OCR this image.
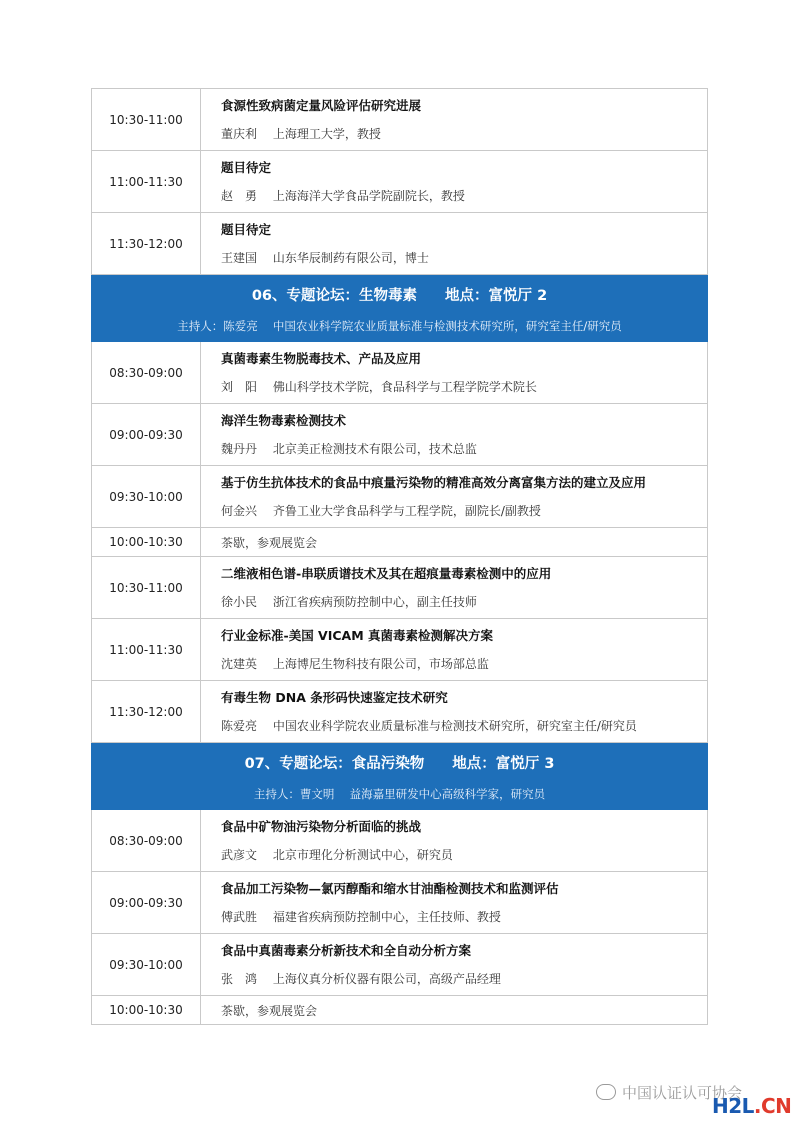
10:30-11:00	食源性致病菌定量风险评估研究进展
董庆利　 上海理工大学，教授

11:00-11:30	题目待定
赵　勇　 上海海洋大学食品学院副院长，教授

11:30-12:00	题目待定
王建国　 山东华辰制药有限公司，博士

06、专题论坛：生物毒素 地点：富悦厅 2
主持人：陈爱亮　 中国农业科学院农业质量标准与检测技术研究所，研究室主任/研究员	

08:30-09:00	真菌毒素生物脱毒技术、产品及应用
刘　阳　 佛山科学技术学院，食品科学与工程学院学术院长

09:00-09:30	海洋生物毒素检测技术
魏丹丹　 北京美正检测技术有限公司，技术总监

09:30-10:00	基于仿生抗体技术的食品中痕量污染物的精准高效分离富集方法的建立及应用
何金兴　 齐鲁工业大学食品科学与工程学院，副院长/副教授

10:00-10:30	茶歇，参观展览会
10:30-11:00	二维液相色谱-串联质谱技术及其在超痕量毒素检测中的应用
徐小民　 浙江省疾病预防控制中心，副主任技师

11:00-11:30	行业金标准-美国 VICAM 真菌毒素检测解决方案
沈建英　 上海博尼生物科技有限公司，市场部总监

11:30-12:00	有毒生物 DNA 条形码快速鉴定技术研究
陈爱亮　 中国农业科学院农业质量标准与检测技术研究所，研究室主任/研究员

07、专题论坛：食品污染物 地点：富悦厅 3
主持人：曹文明　 益海嘉里研发中心高级科学家，研究员	

08:30-09:00	食品中矿物油污染物分析面临的挑战
武彦文　 北京市理化分析测试中心，研究员

09:00-09:30	食品加工污染物—氯丙醇酯和缩水甘油酯检测技术和监测评估
傅武胜　 福建省疾病预防控制中心，主任技师、教授

09:30-10:00	食品中真菌毒素分析新技术和全自动分析方案
张　鸿　 上海仪真分析仪器有限公司，高级产品经理

10:00-10:30	茶歇，参观展览会
中国认证认可协会
H2L.CN
